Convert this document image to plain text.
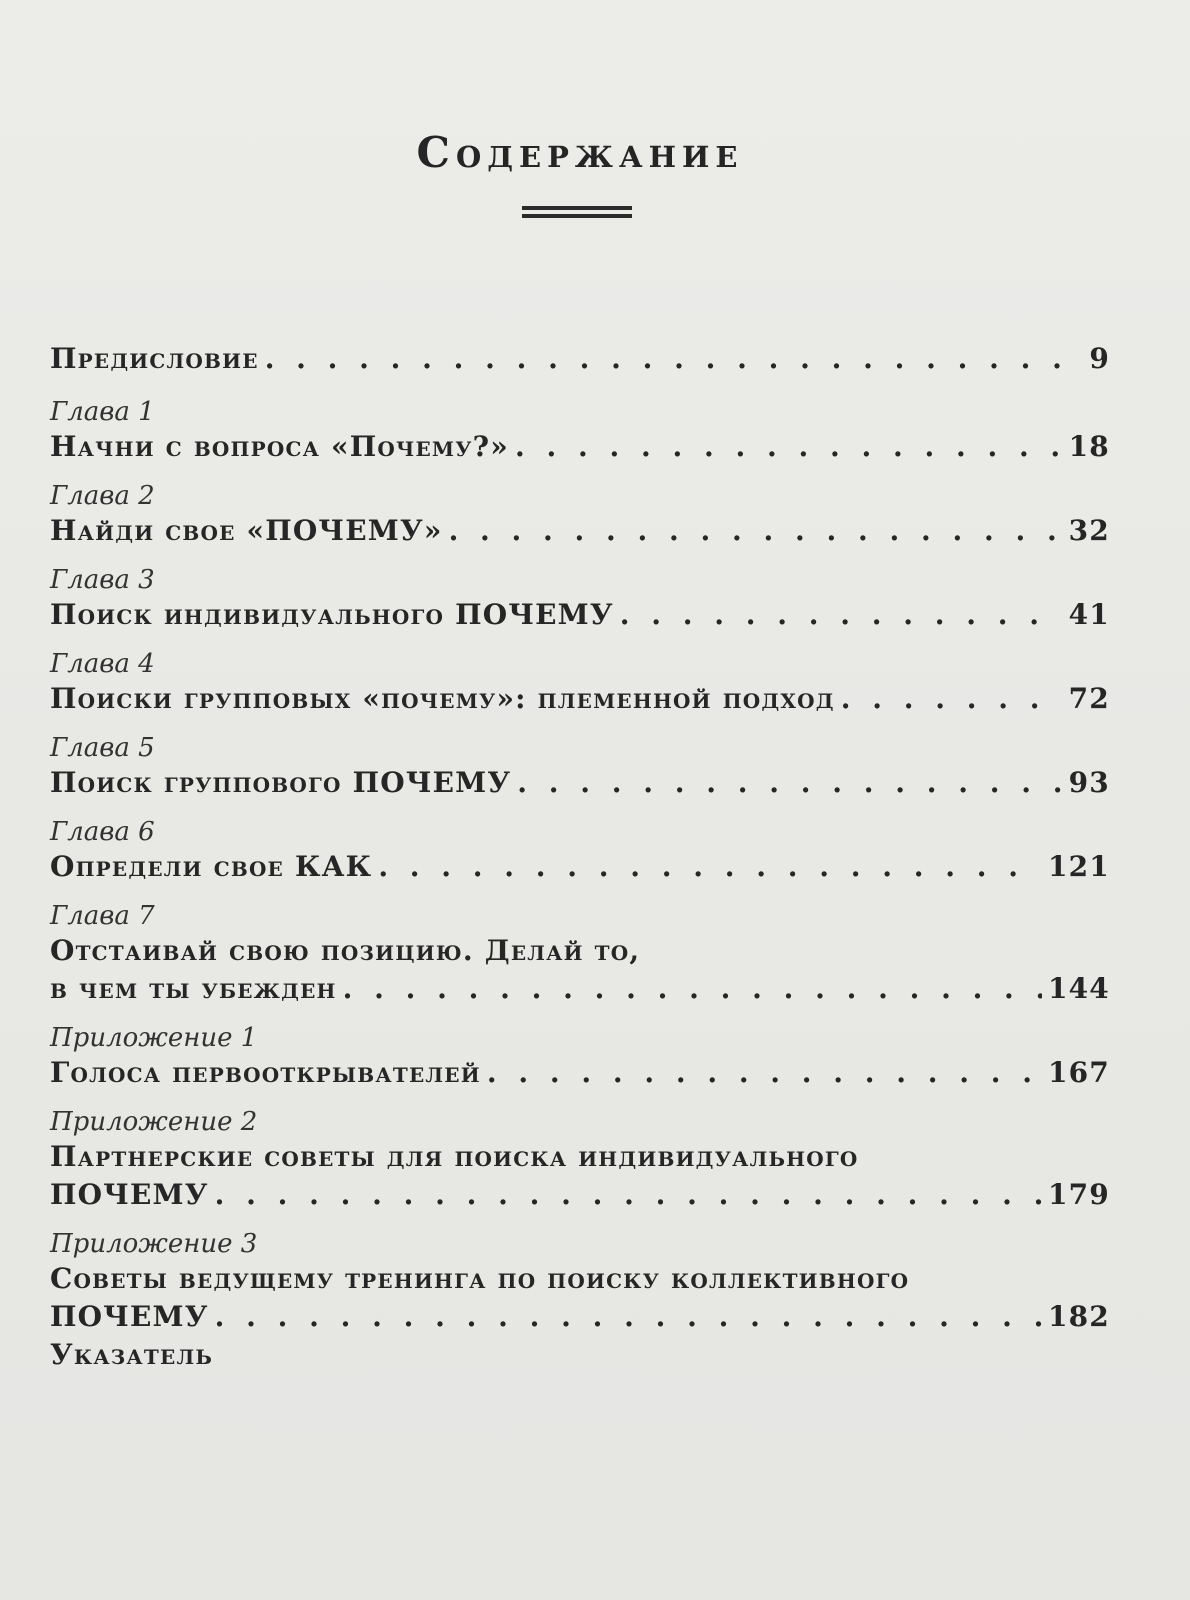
Содержание
Предисловие . . .	9
Глава 1
Начни с вопроса «Почему?» . . .	18
Глава 2
Найди свое «ПОЧЕМУ» . . .	32
Глава 3
Поиск индивидуального ПОЧЕМУ . . .	41
Глава 4
Поиски групповых «почему»: племенной подход . . .	72
Глава 5
Поиск группового ПОЧЕМУ . . .	93
Глава 6
Определи свое КАК . . .	121
Глава 7
Отстаивай свою позицию. Делай то,
в чем ты убежден . . .	144
Приложение 1
Голоса первооткрывателей . . .	167
Приложение 2
Партнерские советы для поиска индивидуального
ПОЧЕМУ . . .	179
Приложение 3
Советы ведущему тренинга по поиску коллективного
ПОЧЕМУ . . .	182
Указатель
